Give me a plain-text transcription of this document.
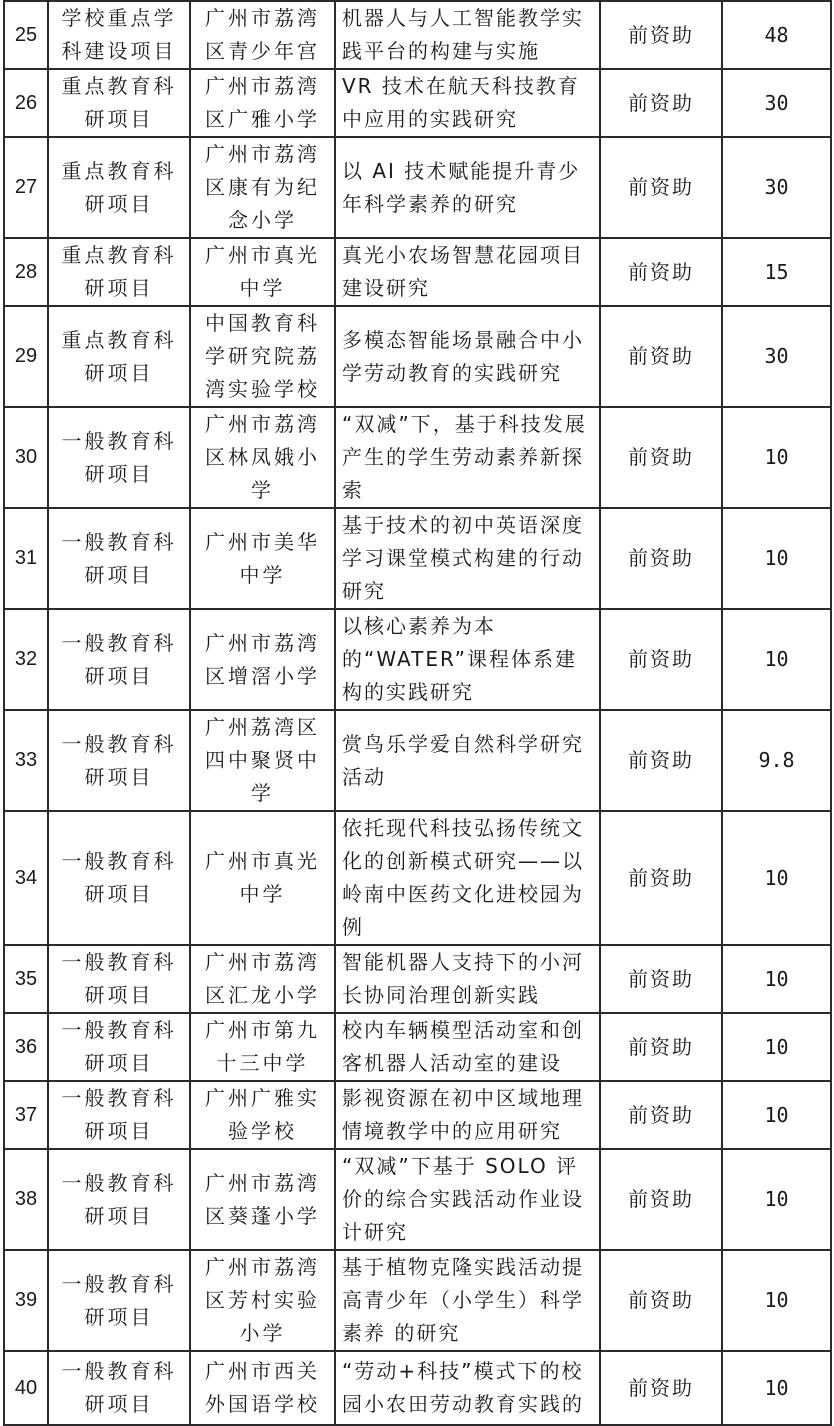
25	学校重点学科建设项目	广州市荔湾区青少年宫	机器人与人工智能教学实践平台的构建与实施	前资助	48
26	重点教育科研项目	广州市荔湾区广雅小学	VR 技术在航天科技教育中应用的实践研究	前资助	30
27	重点教育科研项目	广州市荔湾区康有为纪念小学	以 AI 技术赋能提升青少年科学素养的研究	前资助	30
28	重点教育科研项目	广州市真光中学	真光小农场智慧花园项目建设研究	前资助	15
29	重点教育科研项目	中国教育科学研究院荔湾实验学校	多模态智能场景融合中小学劳动教育的实践研究	前资助	30
30	一般教育科研项目	广州市荔湾区林凤娥小学	“双减”下，基于科技发展产生的学生劳动素养新探索	前资助	10
31	一般教育科研项目	广州市美华中学	基于技术的初中英语深度学习课堂模式构建的行动研究	前资助	10
32	一般教育科研项目	广州市荔湾区增滘小学	以核心素养为本的“WATER”课程体系建构的实践研究	前资助	10
33	一般教育科研项目	广州荔湾区四中聚贤中学	赏鸟乐学爱自然科学研究活动	前资助	9.8
34	一般教育科研项目	广州市真光中学	依托现代科技弘扬传统文化的创新模式研究——以岭南中医药文化进校园为例	前资助	10
35	一般教育科研项目	广州市荔湾区汇龙小学	智能机器人支持下的小河长协同治理创新实践	前资助	10
36	一般教育科研项目	广州市第九十三中学	校内车辆模型活动室和创客机器人活动室的建设	前资助	10
37	一般教育科研项目	广州广雅实验学校	影视资源在初中区域地理情境教学中的应用研究	前资助	10
38	一般教育科研项目	广州市荔湾区葵蓬小学	“双减”下基于 SOLO 评价的综合实践活动作业设计研究	前资助	10
39	一般教育科研项目	广州市荔湾区芳村实验小学	基于植物克隆实践活动提高青少年（小学生）科学素养 的研究	前资助	10
40	一般教育科研项目	广州市西关外国语学校	“劳动+科技”模式下的校园小农田劳动教育实践的	前资助	10
